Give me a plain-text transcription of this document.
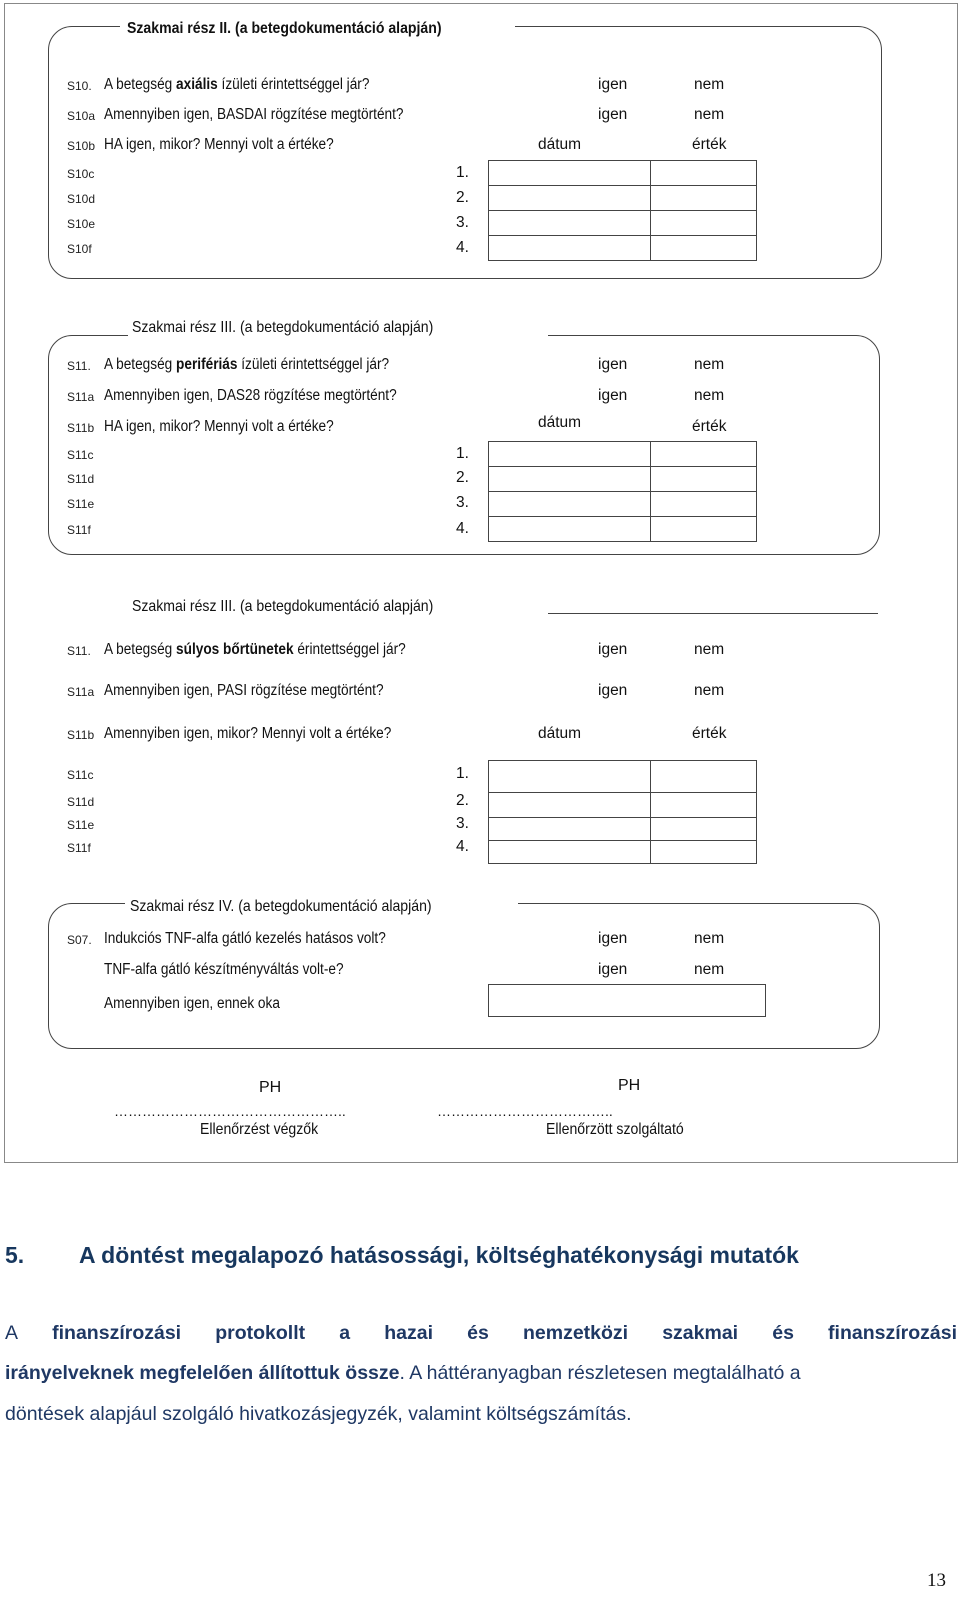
Szakmai rész II. (a betegdokumentáció alapján)
S10. A betegség axiális ízületi érintettséggel jár?	igen	nem
S10a Amennyiben igen, BASDAI rögzítése megtörtént?	igen	nem
S10b HA igen, mikor? Mennyi volt a értéke?	dátum	érték
S10c	1.
S10d	2.
S10e	3.
S10f	4.

Szakmai rész III. (a betegdokumentáció alapján)
S11. A betegség perifériás ízületi érintettséggel jár?	igen	nem
S11a Amennyiben igen, DAS28 rögzítése megtörtént?	igen	nem
S11b HA igen, mikor? Mennyi volt a értéke?	dátum	érték
S11c	1.
S11d	2.
S11e	3.
S11f	4.

Szakmai rész III. (a betegdokumentáció alapján)
S11. A betegség súlyos bőrtünetek érintettséggel jár?	igen	nem
S11a Amennyiben igen, PASI rögzítése megtörtént?	igen	nem
S11b Amennyiben igen, mikor? Mennyi volt a értéke?	dátum	érték
S11c	1.
S11d	2.
S11e	3.
S11f	4.

Szakmai rész IV. (a betegdokumentáció alapján)
S07. Indukciós TNF-alfa gátló kezelés hatásos volt?	igen	nem
TNF-alfa gátló készítményváltás volt-e?	igen	nem
Amennyiben igen, ennek oka
PH	PH
…………………………………………..	………………………………..
Ellenőrzést végzők	Ellenőrzött szolgáltató
5. A döntést megalapozó hatásossági, költséghatékonysági mutatók
A finanszírozási protokollt a hazai és nemzetközi szakmai és finanszírozási
irányelveknek megfelelően állítottuk össze. A háttéranyagban részletesen megtalálható a
döntések alapjául szolgáló hivatkozásjegyzék, valamint költségszámítás.
13
